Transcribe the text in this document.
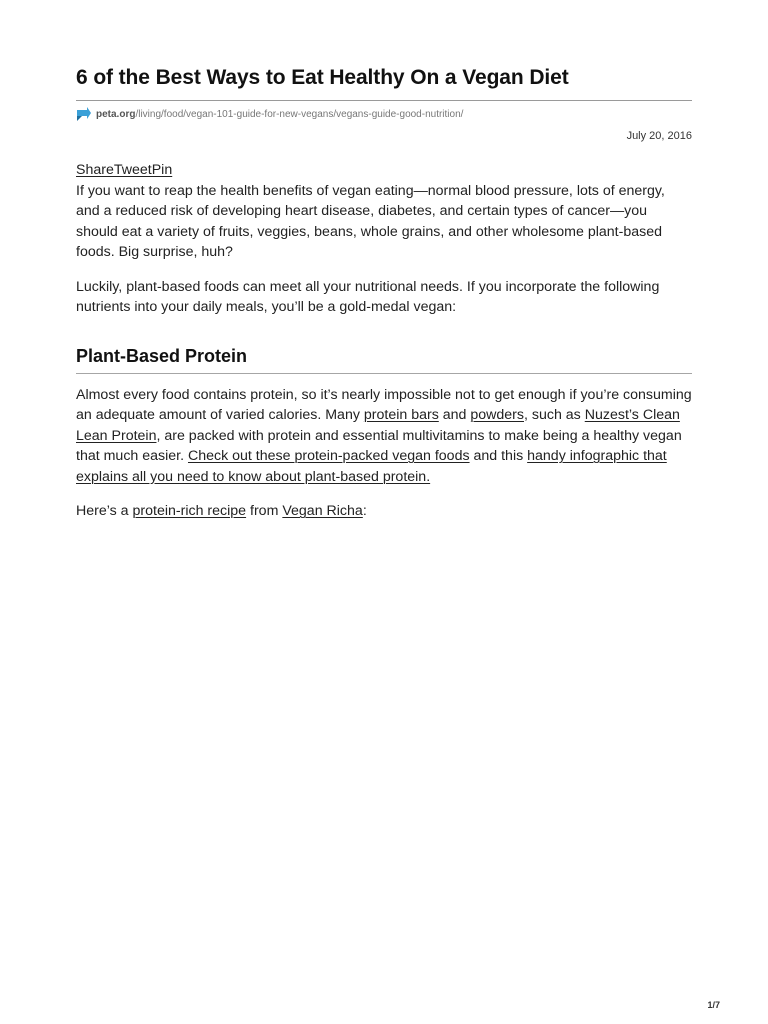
6 of the Best Ways to Eat Healthy On a Vegan Diet
peta.org /living/food/vegan-101-guide-for-new-vegans/vegans-guide-good-nutrition/
July 20, 2016
ShareTweetPin

If you want to reap the health benefits of vegan eating—normal blood pressure, lots of energy, and a reduced risk of developing heart disease, diabetes, and certain types of cancer—you should eat a variety of fruits, veggies, beans, whole grains, and other wholesome plant-based foods. Big surprise, huh?

Luckily, plant-based foods can meet all your nutritional needs. If you incorporate the following nutrients into your daily meals, you’ll be a gold-medal vegan:

Plant-Based Protein

Almost every food contains protein, so it’s nearly impossible not to get enough if you’re consuming an adequate amount of varied calories. Many protein bars and powders, such as Nuzest’s Clean Lean Protein, are packed with protein and essential multivitamins to make being a healthy vegan that much easier. Check out these protein-packed vegan foods and this handy infographic that explains all you need to know about plant-based protein.

Here’s a protein-rich recipe from Vegan Richa:

1/7
